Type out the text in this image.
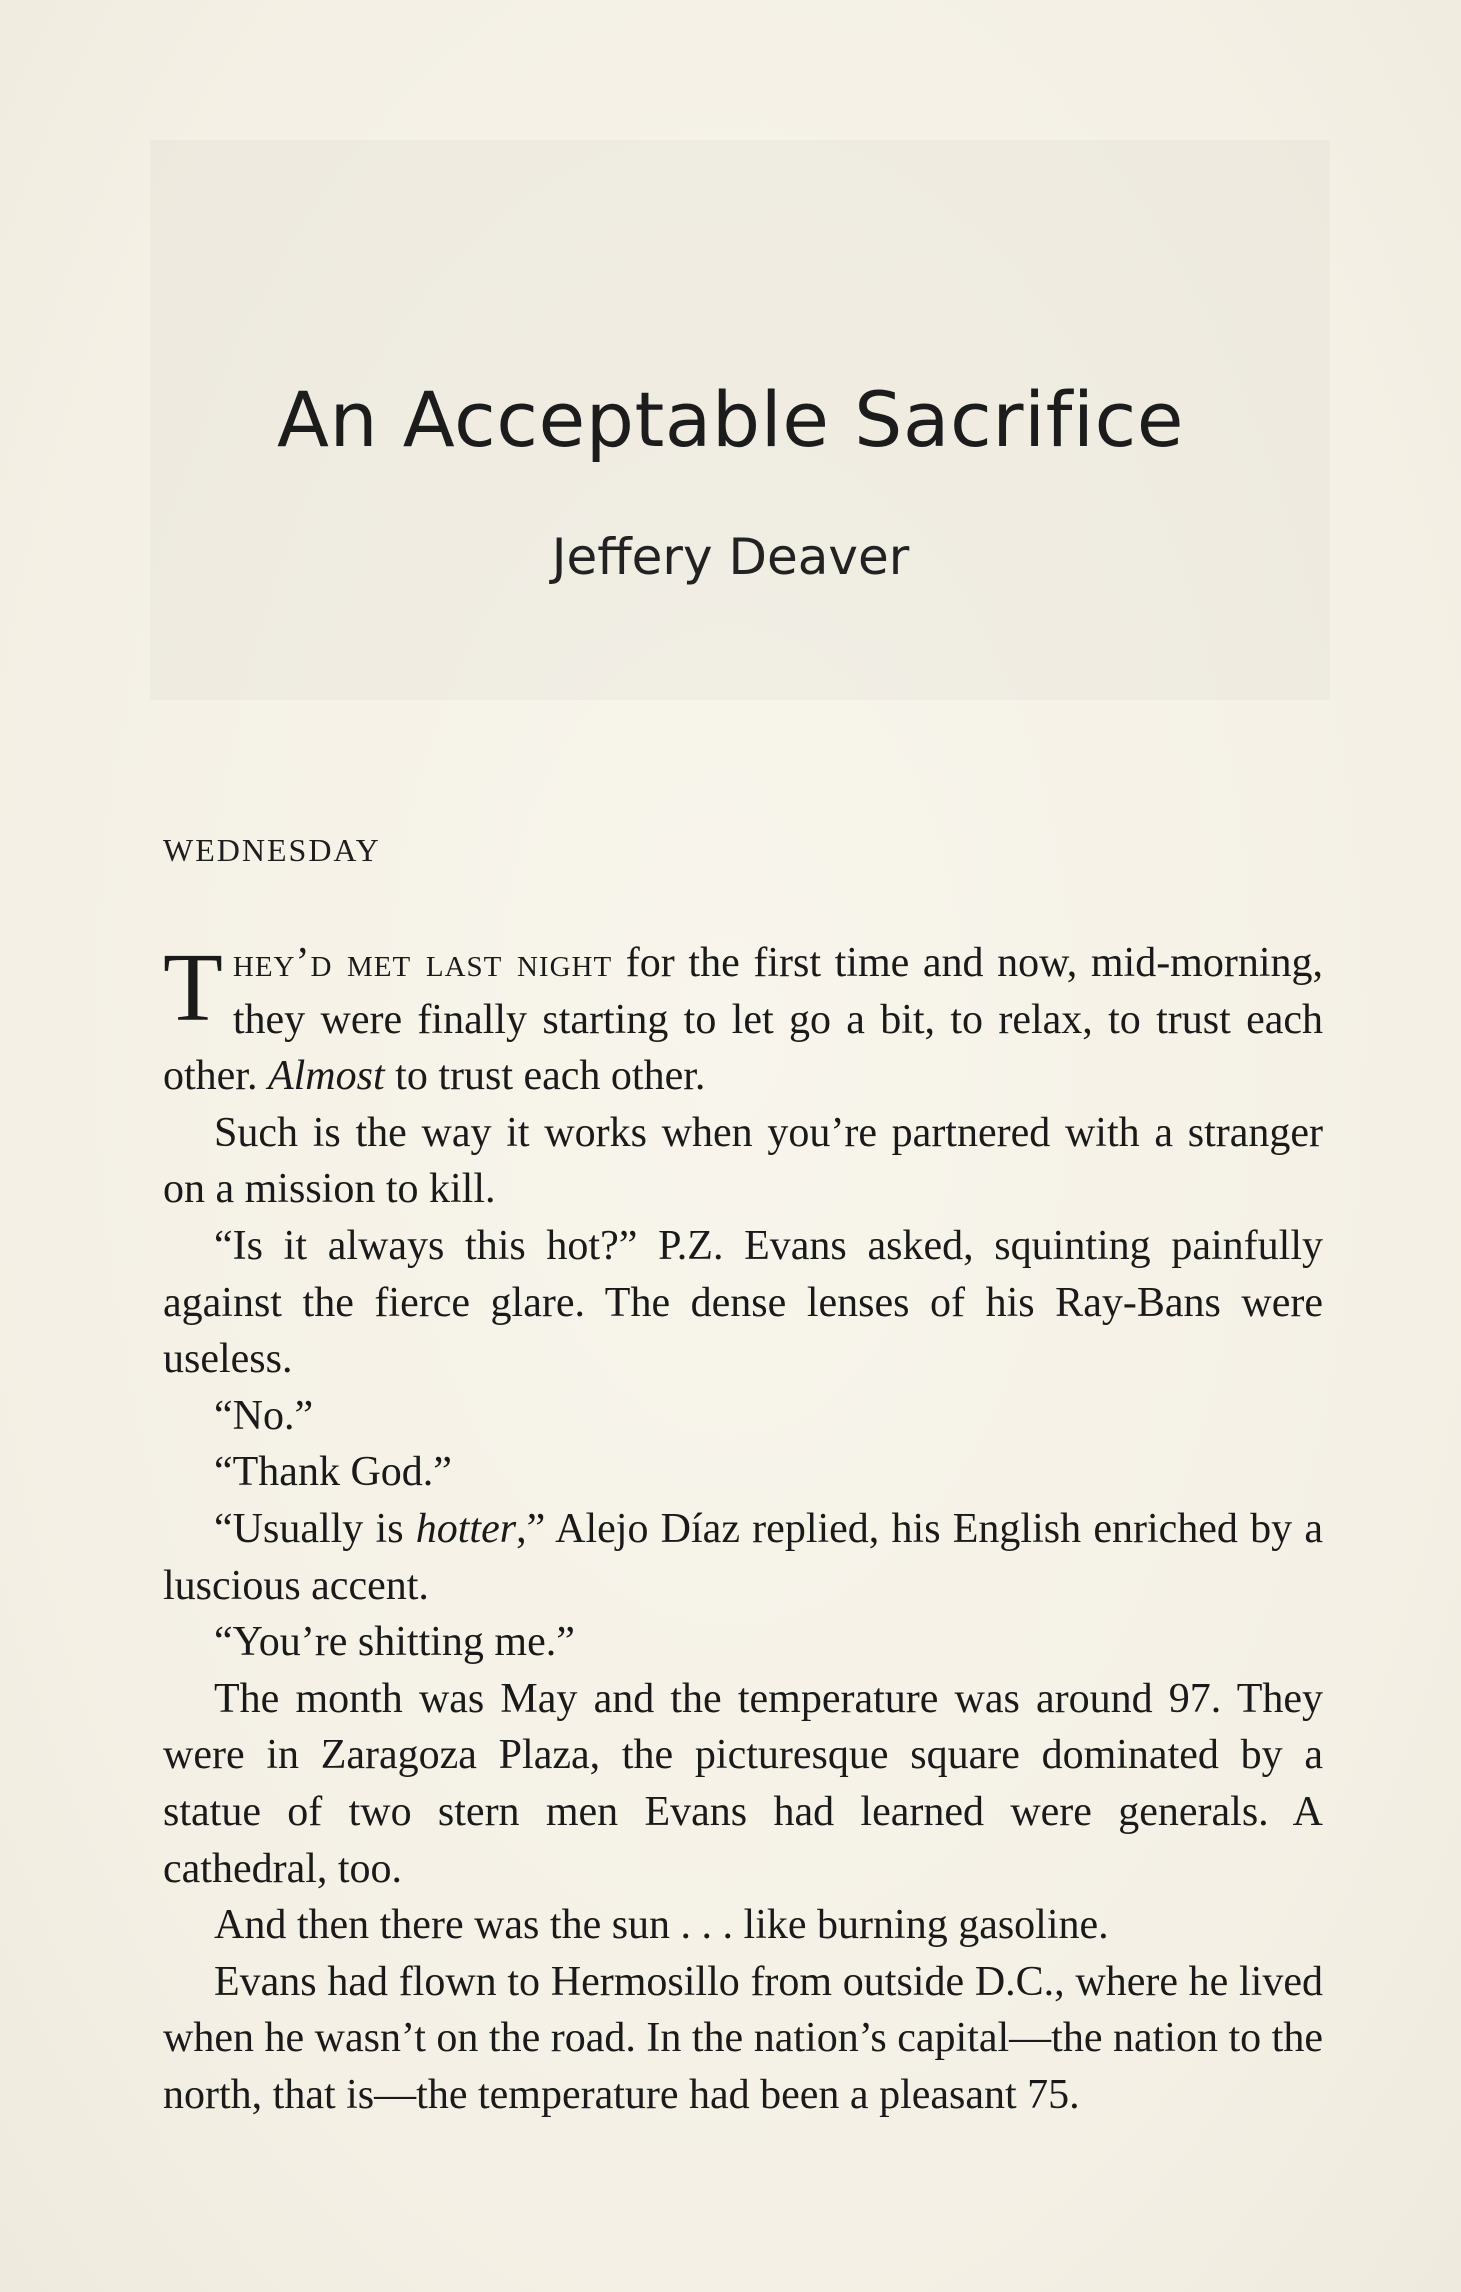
An Acceptable Sacrifice
Jeffery Deaver
WEDNESDAY

They’d met last night for the first time and now, mid-morning, they were finally starting to let go a bit, to relax, to trust each other. Almost to trust each other.

Such is the way it works when you’re partnered with a stranger on a mission to kill.

“Is it always this hot?” P.Z. Evans asked, squinting painfully against the fierce glare. The dense lenses of his Ray-Bans were useless.

“No.”

“Thank God.”

“Usually is hotter,” Alejo Díaz replied, his English enriched by a luscious accent.

“You’re shitting me.”

The month was May and the temperature was around 97. They were in Zaragoza Plaza, the picturesque square dominated by a statue of two stern men Evans had learned were generals. A cathedral, too.

And then there was the sun . . . like burning gasoline.

Evans had flown to Hermosillo from outside D.C., where he lived when he wasn’t on the road. In the nation’s capital—the nation to the north, that is—the temperature had been a pleasant 75.
